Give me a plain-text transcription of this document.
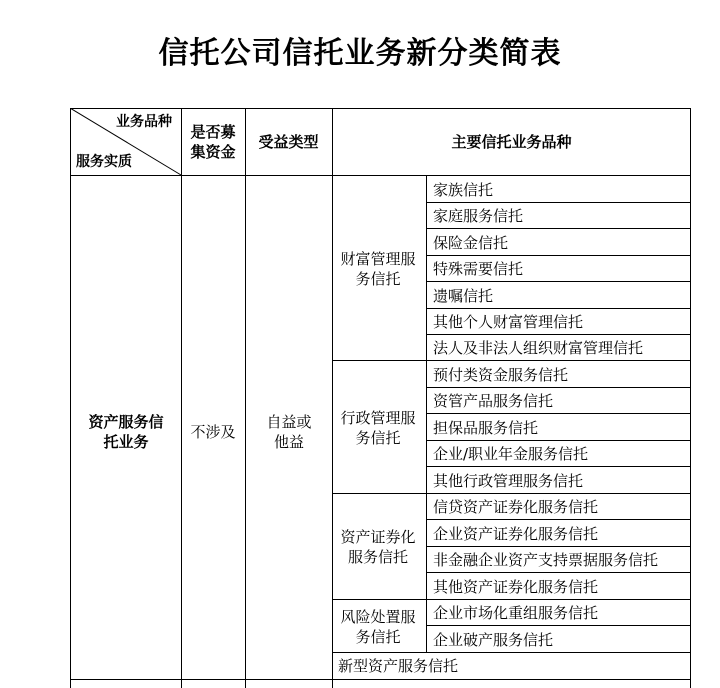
信托公司信托业务新分类简表
业务品种
服务实质
是否募集资金
受益类型	主要信托业务品种
资产服务信托业务
不涉及
自益或他益
财富管理服务信托
家族信托
家庭服务信托
保险金信托
特殊需要信托
遗嘱信托
其他个人财富管理信托
法人及非法人组织财富管理信托
行政管理服务信托
预付类资金服务信托
资管产品服务信托
担保品服务信托
企业/职业年金服务信托
其他行政管理服务信托
资产证券化服务信托
信贷资产证券化服务信托
企业资产证券化服务信托
非金融企业资产支持票据服务信托
其他资产证券化服务信托
风险处置服务信托
企业市场化重组服务信托
企业破产服务信托
新型资产服务信托
